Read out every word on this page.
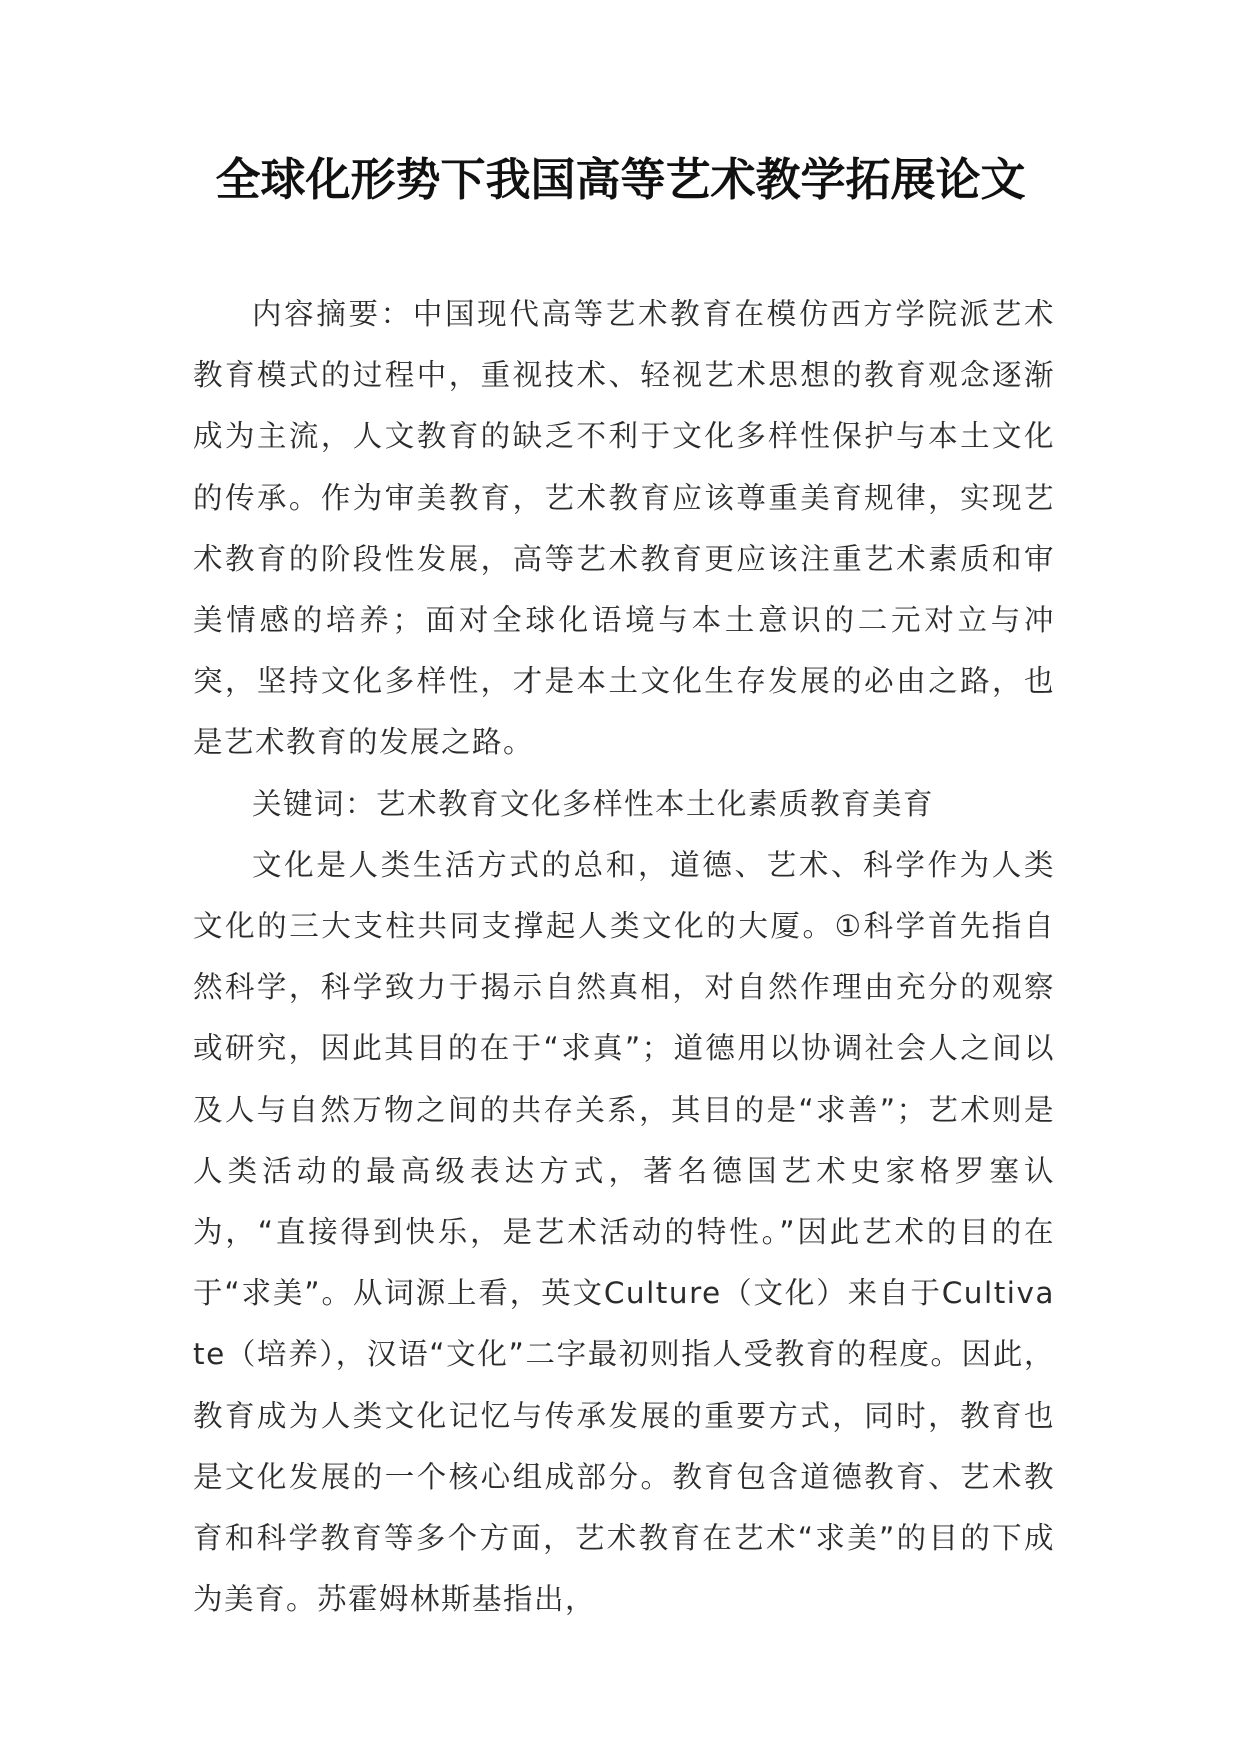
全球化形势下我国高等艺术教学拓展论文

内容摘要：中国现代高等艺术教育在模仿西方学院派艺术教育模式的过程中，重视技术、轻视艺术思想的教育观念逐渐成为主流，人文教育的缺乏不利于文化多样性保护与本土文化的传承。作为审美教育，艺术教育应该尊重美育规律，实现艺术教育的阶段性发展，高等艺术教育更应该注重艺术素质和审美情感的培养；面对全球化语境与本土意识的二元对立与冲突，坚持文化多样性，才是本土文化生存发展的必由之路，也是艺术教育的发展之路。

关键词：艺术教育文化多样性本土化素质教育美育

文化是人类生活方式的总和，道德、艺术、科学作为人类文化的三大支柱共同支撑起人类文化的大厦。①科学首先指自然科学，科学致力于揭示自然真相，对自然作理由充分的观察或研究，因此其目的在于“求真”；道德用以协调社会人之间以及人与自然万物之间的共存关系，其目的是“求善”；艺术则是人类活动的最高级表达方式，著名德国艺术史家格罗塞认为，“直接得到快乐，是艺术活动的特性。”因此艺术的目的在于“求美”。从词源上看，英文Culture（文化）来自于Cultivate（培养），汉语“文化”二字最初则指人受教育的程度。因此，教育成为人类文化记忆与传承发展的重要方式，同时，教育也是文化发展的一个核心组成部分。教育包含道德教育、艺术教育和科学教育等多个方面，艺术教育在艺术“求美”的目的下成为美育。苏霍姆林斯基指出，
